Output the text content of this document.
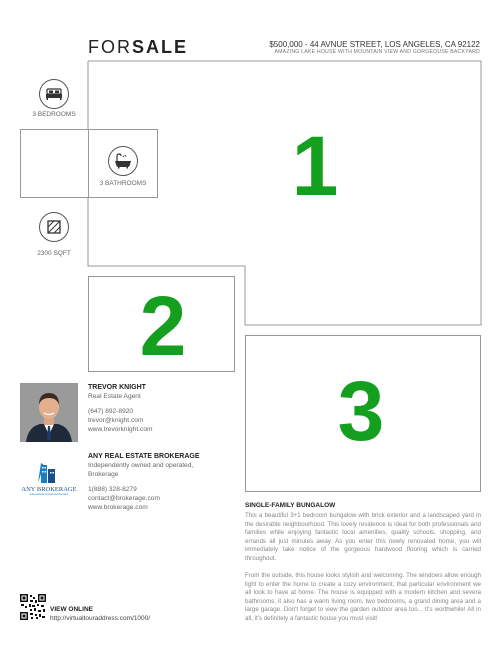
FORSALE	$500,000 - 44 AVNUE STREET, LOS ANGELES, CA 92122
AMAZING LAKE HOUSE WITH MOUNTAIN VIEW AND GORGEOUSE BACKYARD
1
2
3
3 BEDROOMS
3 BATHROOMS
2300 SQFT
TREVOR KNIGHT
Real Estate Agent
(647) 892-8920
trevor@knight.com
www.trevorknight.com
ANY BROKERAGE
Independently Owned and Operated
ANY REAL ESTATE BROKERAGE
Independently owned and operated,
Brokerage
1(888) 328-8279
contact@brokerage.com
www.brokerage.com	SINGLE-FAMILY BUNGALOW
This a beautiful 3+1 bedroom bungalow with brick exterior and a landscaped yard in the desirable neighbourhood. This lovely residence is ideal for both professionals and families while enjoying fantastic local amenities, quality schools, shopping, and errands all just minutes away. As you enter this newly renovated home, you will immediately take notice of the gorgeous hardwood flooring which is carried throughout.
From the outside, this house looks stylish and welcoming. The windows allow enough light to enter the home to create a cozy environment, that particular environment we all look to have at home. The house is equipped with a modern kitchen and severa bathrooms, it also has a warm living room, two bedrooms, a grand dining area and a large garage. Don't forget to view the garden outdoor area too... It's worthwhile! All in all, it's definitely a fantastic house you must visit!
VIEW ONLINE
http://virtualtouraddress.com/1000/
